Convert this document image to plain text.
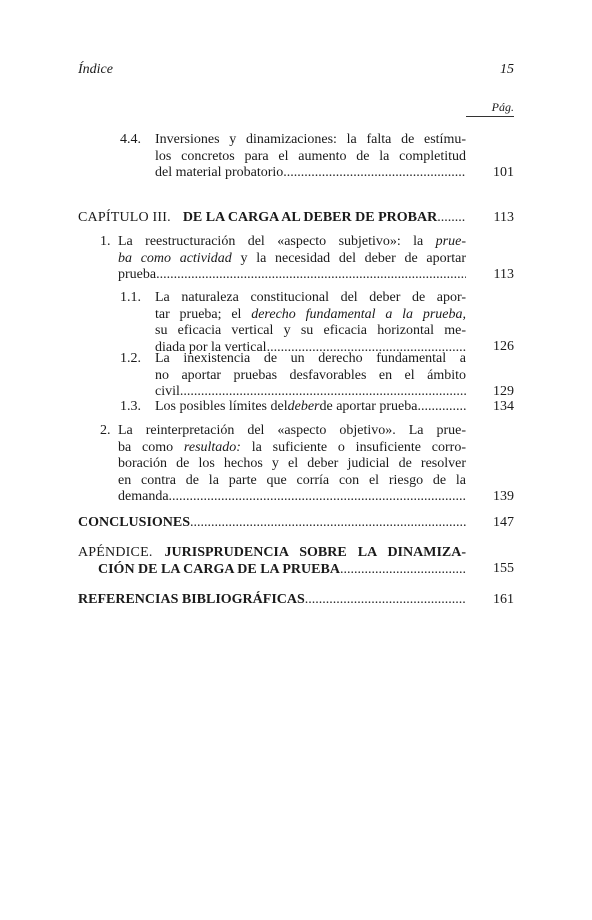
Índice	15
Pág.
4.4. Inversiones y dinamizaciones: la falta de estímu-
los concretos para el aumento de la completitud
del material probatorio .....	101
CAPÍTULO III. DE LA CARGA AL DEBER DE PROBAR .....	113
1. La reestructuración del «aspecto subjetivo»: la prue-
ba como actividad y la necesidad del deber de aportar
prueba .....	113
1.1. La naturaleza constitucional del deber de apor-
tar prueba; el derecho fundamental a la prueba,
su eficacia vertical y su eficacia horizontal me-
diada por la vertical .....	126
1.2. La inexistencia de un derecho fundamental a
no aportar pruebas desfavorables en el ámbito
civil .....	129
1.3. Los posibles límites del deber de aportar prueba .....	134
2. La reinterpretación del «aspecto objetivo». La prue-
ba como resultado: la suficiente o insuficiente corro-
boración de los hechos y el deber judicial de resolver
en contra de la parte que corría con el riesgo de la
demanda .....	139
CONCLUSIONES .....	147
APÉNDICE. JURISPRUDENCIA SOBRE LA DINAMIZA-
CIÓN DE LA CARGA DE LA PRUEBA .....	155
REFERENCIAS BIBLIOGRÁFICAS .....	161
